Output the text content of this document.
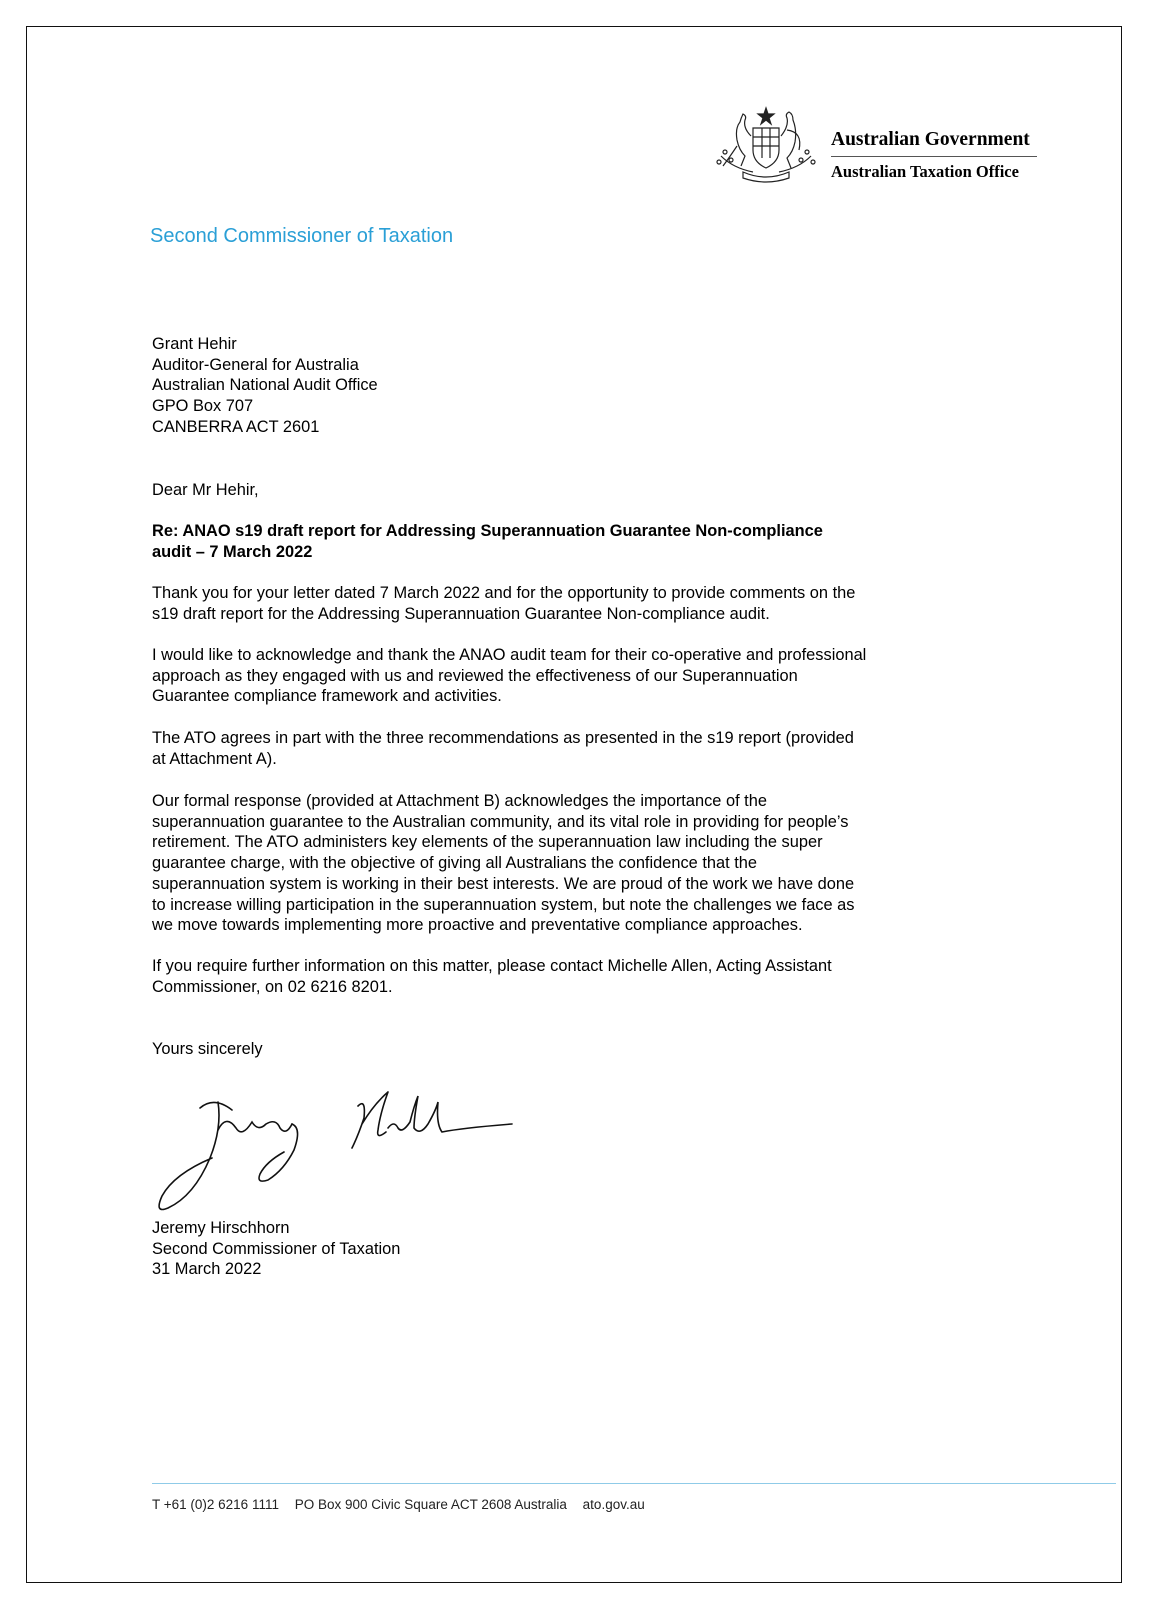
Australian Government
Australian Taxation Office
Second Commissioner of Taxation
Grant Hehir
Auditor-General for Australia
Australian National Audit Office
GPO Box 707
CANBERRA ACT 2601
Dear Mr Hehir,
Re: ANAO s19 draft report for Addressing Superannuation Guarantee Non-compliance
audit – 7 March 2022
Thank you for your letter dated 7 March 2022 and for the opportunity to provide comments on the
s19 draft report for the Addressing Superannuation Guarantee Non-compliance audit.
I would like to acknowledge and thank the ANAO audit team for their co-operative and professional
approach as they engaged with us and reviewed the effectiveness of our Superannuation
Guarantee compliance framework and activities.
The ATO agrees in part with the three recommendations as presented in the s19 report (provided
at Attachment A).
Our formal response (provided at Attachment B) acknowledges the importance of the
superannuation guarantee to the Australian community, and its vital role in providing for people’s
retirement. The ATO administers key elements of the superannuation law including the super
guarantee charge, with the objective of giving all Australians the confidence that the
superannuation system is working in their best interests. We are proud of the work we have done
to increase willing participation in the superannuation system, but note the challenges we face as
we move towards implementing more proactive and preventative compliance approaches.
If you require further information on this matter, please contact Michelle Allen, Acting Assistant
Commissioner, on 02 6216 8201.
Yours sincerely
Jeremy Hirschhorn
Second Commissioner of Taxation
31 March 2022
T +61 (0)2 6216 1111 PO Box 900 Civic Square ACT 2608 Australia ato.gov.au
